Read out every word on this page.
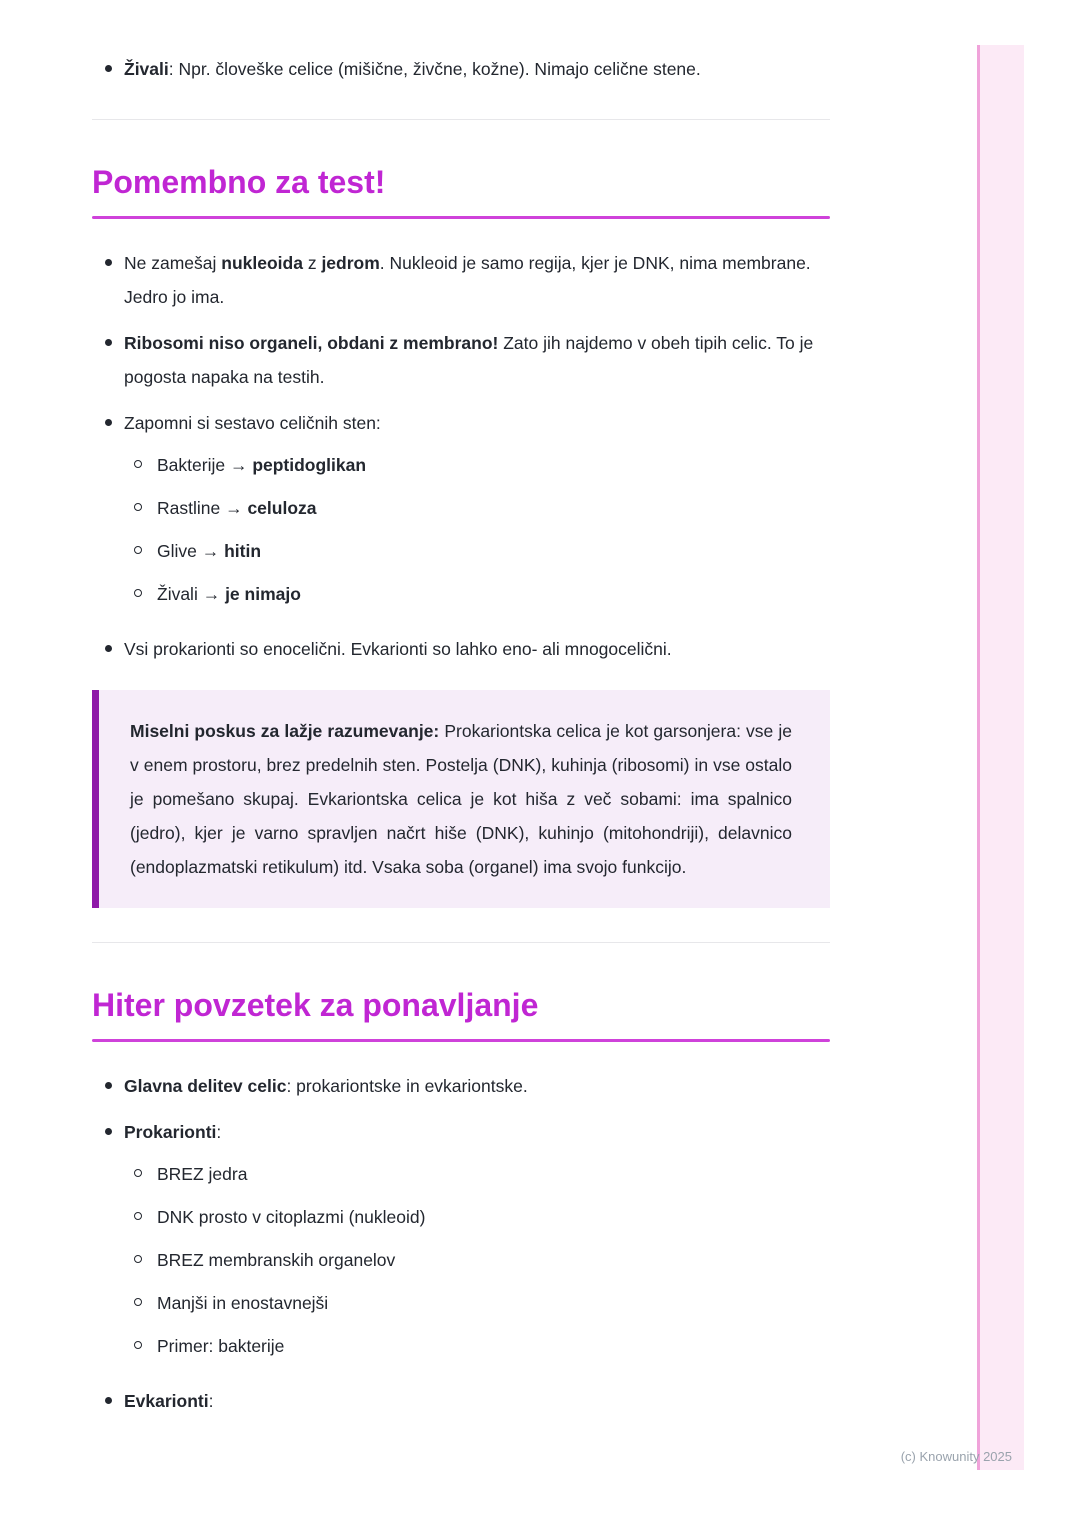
Živali: Npr. človeške celice (mišične, živčne, kožne). Nimajo celične stene.

Pomembno za test!

Ne zamešaj nukleoida z jedrom. Nukleoid je samo regija, kjer je DNK, nima membrane. Jedro jo ima.

Ribosomi niso organeli, obdani z membrano! Zato jih najdemo v obeh tipih celic. To je pogosta napaka na testih.

Zapomni si sestavo celičnih sten:

Bakterije → peptidoglikan

Rastline → celuloza

Glive → hitin

Živali → je nimajo

Vsi prokarionti so enocelični. Evkarionti so lahko eno- ali mnogocelični.

Miselni poskus za lažje razumevanje: Prokariontska celica je kot garsonjera: vse je v enem prostoru, brez predelnih sten. Postelja (DNK), kuhinja (ribosomi) in vse ostalo je pomešano skupaj. Evkariontska celica je kot hiša z več sobami: ima spalnico (jedro), kjer je varno spravljen načrt hiše (DNK), kuhinjo (mitohondriji), delavnico (endoplazmatski retikulum) itd. Vsaka soba (organel) ima svojo funkcijo.

Hiter povzetek za ponavljanje

Glavna delitev celic: prokariontske in evkariontske.

Prokarionti:

BREZ jedra

DNK prosto v citoplazmi (nukleoid)

BREZ membranskih organelov

Manjši in enostavnejši

Primer: bakterije

Evkarionti:

(c) Knowunity 2025
